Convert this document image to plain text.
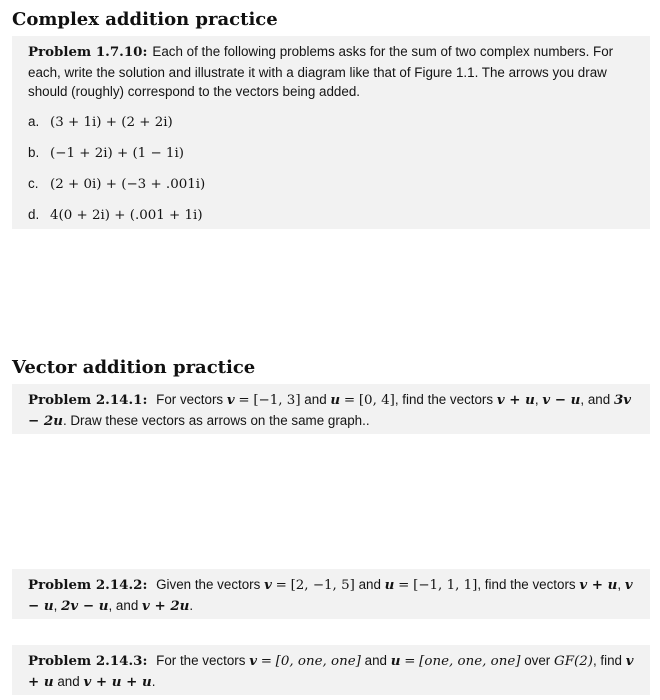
Complex addition practice
Problem 1.7.10: Each of the following problems asks for the sum of two complex numbers. For each, write the solution and illustrate it with a diagram like that of Figure 1.1. The arrows you draw should (roughly) correspond to the vectors being added.
a. (3 + 1i) + (2 + 2i)
b. (−1 + 2i) + (1 − 1i)
c. (2 + 0i) + (−3 + .001i)
d. 4(0 + 2i) + (.001 + 1i)
Vector addition practice
Problem 2.14.1: For vectors v = [−1, 3] and u = [0, 4], find the vectors v + u, v − u, and 3v − 2u. Draw these vectors as arrows on the same graph..
Problem 2.14.2: Given the vectors v = [2, −1, 5] and u = [−1, 1, 1], find the vectors v + u, v − u, 2v − u, and v + 2u.
Problem 2.14.3: For the vectors v = [0, one, one] and u = [one, one, one] over GF(2), find v + u and v + u + u.
